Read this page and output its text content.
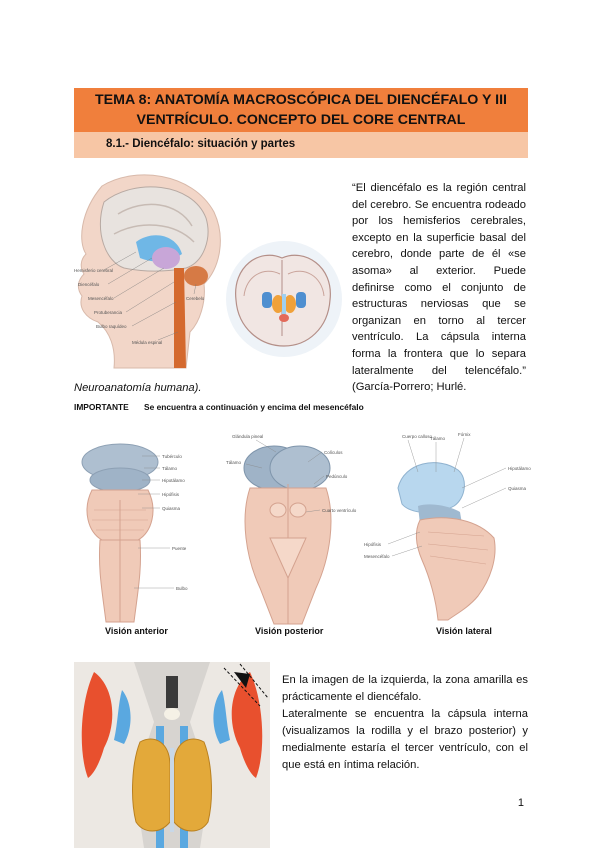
TEMA 8: ANATOMÍA MACROSCÓPICA DEL DIENCÉFALO Y III
VENTRÍCULO. CONCEPTO DEL CORE CENTRAL
8.1.- Diencéfalo: situación y partes
Hemisferio cerebral
Diencéfalo
Mesencéfalo
Protuberancia
Bulbo raquídeo
Médula espinal
Cerebelo

“El diencéfalo es la región central del cerebro. Se encuentra rodeado por los hemisferios cerebrales, excepto en la superficie basal del cerebro, donde parte de él «se asoma» al exterior. Puede definirse como el conjunto de estructuras nerviosas que se organizan en torno al tercer ventrículo. La cápsula interna forma la frontera que lo separa lateralmente del telencéfalo.” (García-Porrero; Hurlé.

Neuroanatomía humana).
IMPORTANTE Se encuentra a continuación y encima del mesencéfalo
Tubérculo
Tálamo
Hipotálamo
Hipófisis
Quiasma
Puente
Bulbo
Glándula pineal
Tálamo
Colículos
Pedúnculo
Cuarto ventrículo
Cuerpo calloso
Tálamo
Fórnix
Hipotálamo
Quiasma
Hipófisis
Mesencéfalo
Visión anterior	Visión posterior	Visión lateral

En la imagen de la izquierda, la zona amarilla es prácticamente el diencéfalo.

Lateralmente se encuentra la cápsula interna (visualizamos la rodilla y el brazo posterior) y medialmente estaría el tercer ventrículo, con el que está en íntima relación.

1
